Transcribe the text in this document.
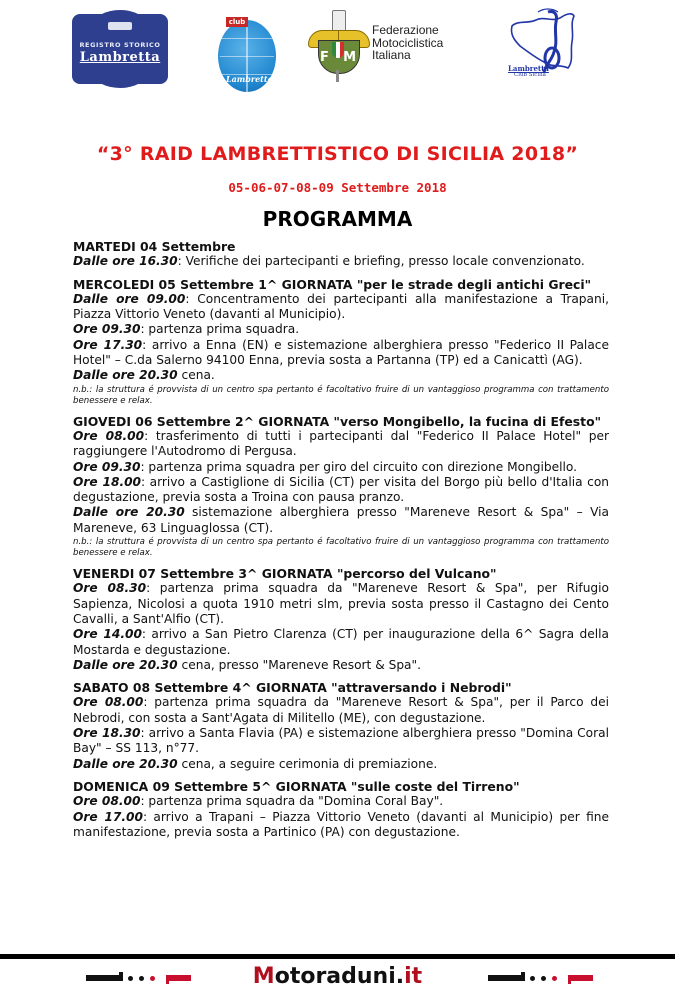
REGISTRO STORICO
Lambretta
club
Lambretta
F M
Federazione
Motociclistica
Italiana
Lambretta
Club Sicilia
“3° RAID LAMBRETTISTICO DI SICILIA 2018”
05-06-07-08-09 Settembre 2018
PROGRAMMA
MARTEDI 04 Settembre
Dalle ore 16.30: Verifiche dei partecipanti e briefing, presso locale convenzionato.
MERCOLEDI 05 Settembre 1^ GIORNATA "per le strade degli antichi Greci"
Dalle ore 09.00: Concentramento dei partecipanti alla manifestazione a Trapani, Piazza Vittorio Veneto (davanti al Municipio).
Ore 09.30: partenza prima squadra.
Ore 17.30: arrivo a Enna (EN) e sistemazione alberghiera presso "Federico II Palace Hotel" – C.da Salerno 94100 Enna, previa sosta a Partanna (TP) ed a Canicattì (AG).
Dalle ore 20.30 cena.
n.b.: la struttura é provvista di un centro spa pertanto é facoltativo fruire di un vantaggioso programma con trattamento benessere e relax.
GIOVEDI 06 Settembre 2^ GIORNATA "verso Mongibello, la fucina di Efesto"
Ore 08.00: trasferimento di tutti i partecipanti dal "Federico II Palace Hotel" per raggiungere l'Autodromo di Pergusa.
Ore 09.30: partenza prima squadra per giro del circuito con direzione Mongibello.
Ore 18.00: arrivo a Castiglione di Sicilia (CT) per visita del Borgo più bello d'Italia con degustazione, previa sosta a Troina con pausa pranzo.
Dalle ore 20.30 sistemazione alberghiera presso "Mareneve Resort & Spa" – Via Mareneve, 63 Linguaglossa (CT).
n.b.: la struttura é provvista di un centro spa pertanto é facoltativo fruire di un vantaggioso programma con trattamento benessere e relax.
VENERDI 07 Settembre 3^ GIORNATA "percorso del Vulcano"
Ore 08.30: partenza prima squadra da "Mareneve Resort & Spa", per Rifugio Sapienza, Nicolosi a quota 1910 metri slm, previa sosta presso il Castagno dei Cento Cavalli, a Sant'Alfio (CT).
Ore 14.00: arrivo a San Pietro Clarenza (CT) per inaugurazione della 6^ Sagra della Mostarda e degustazione.
Dalle ore 20.30 cena, presso "Mareneve Resort & Spa".
SABATO 08 Settembre 4^ GIORNATA "attraversando i Nebrodi"
Ore 08.00: partenza prima squadra da "Mareneve Resort & Spa", per il Parco dei Nebrodi, con sosta a Sant'Agata di Militello (ME), con degustazione.
Ore 18.30: arrivo a Santa Flavia (PA) e sistemazione alberghiera presso "Domina Coral Bay" – SS 113, n°77.
Dalle ore 20.30 cena, a seguire cerimonia di premiazione.
DOMENICA 09 Settembre 5^ GIORNATA "sulle coste del Tirreno"
Ore 08.00: partenza prima squadra da "Domina Coral Bay".
Ore 17.00: arrivo a Trapani – Piazza Vittorio Veneto (davanti al Municipio) per fine manifestazione, previa sosta a Partinico (PA) con degustazione.
Motoraduni.it
